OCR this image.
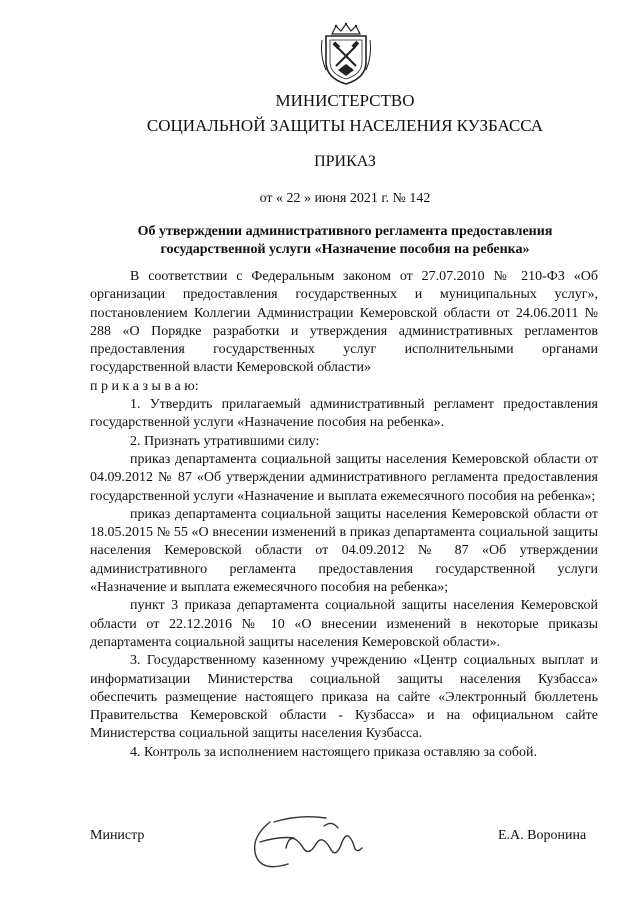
МИНИСТЕРСТВО
СОЦИАЛЬНОЙ ЗАЩИТЫ НАСЕЛЕНИЯ КУЗБАССА
ПРИКАЗ
от « 22 » июня 2021 г. № 142
Об утверждении административного регламента предоставления
государственной услуги «Назначение пособия на ребенка»

В соответствии с Федеральным законом от 27.07.2010 № 210-ФЗ «Об организации предоставления государственных и муниципальных услуг», постановлением Коллегии Администрации Кемеровской области от 24.06.2011 № 288 «О Порядке разработки и утверждения административных регламентов предоставления государственных услуг исполнительными органами государственной власти Кемеровской области»

п р и к а з ы в а ю:

1. Утвердить прилагаемый административный регламент предоставления государственной услуги «Назначение пособия на ребенка».

2. Признать утратившими силу:

приказ департамента социальной защиты населения Кемеровской области от 04.09.2012 № 87 «Об утверждении административного регламента предоставления государственной услуги «Назначение и выплата ежемесячного пособия на ребенка»;

приказ департамента социальной защиты населения Кемеровской области от 18.05.2015 № 55 «О внесении изменений в приказ департамента социальной защиты населения Кемеровской области от 04.09.2012 № 87 «Об утверждении административного регламента предоставления государственной услуги «Назначение и выплата ежемесячного пособия на ребенка»;

пункт 3 приказа департамента социальной защиты населения Кемеровской области от 22.12.2016 № 10 «О внесении изменений в некоторые приказы департамента социальной защиты населения Кемеровской области».

3. Государственному казенному учреждению «Центр социальных выплат и информатизации Министерства социальной защиты населения Кузбасса» обеспечить размещение настоящего приказа на сайте «Электронный бюллетень Правительства Кемеровской области - Кузбасса» и на официальном сайте Министерства социальной защиты населения Кузбасса.

4. Контроль за исполнением настоящего приказа оставляю за собой.

Министр	Е.А. Воронина
